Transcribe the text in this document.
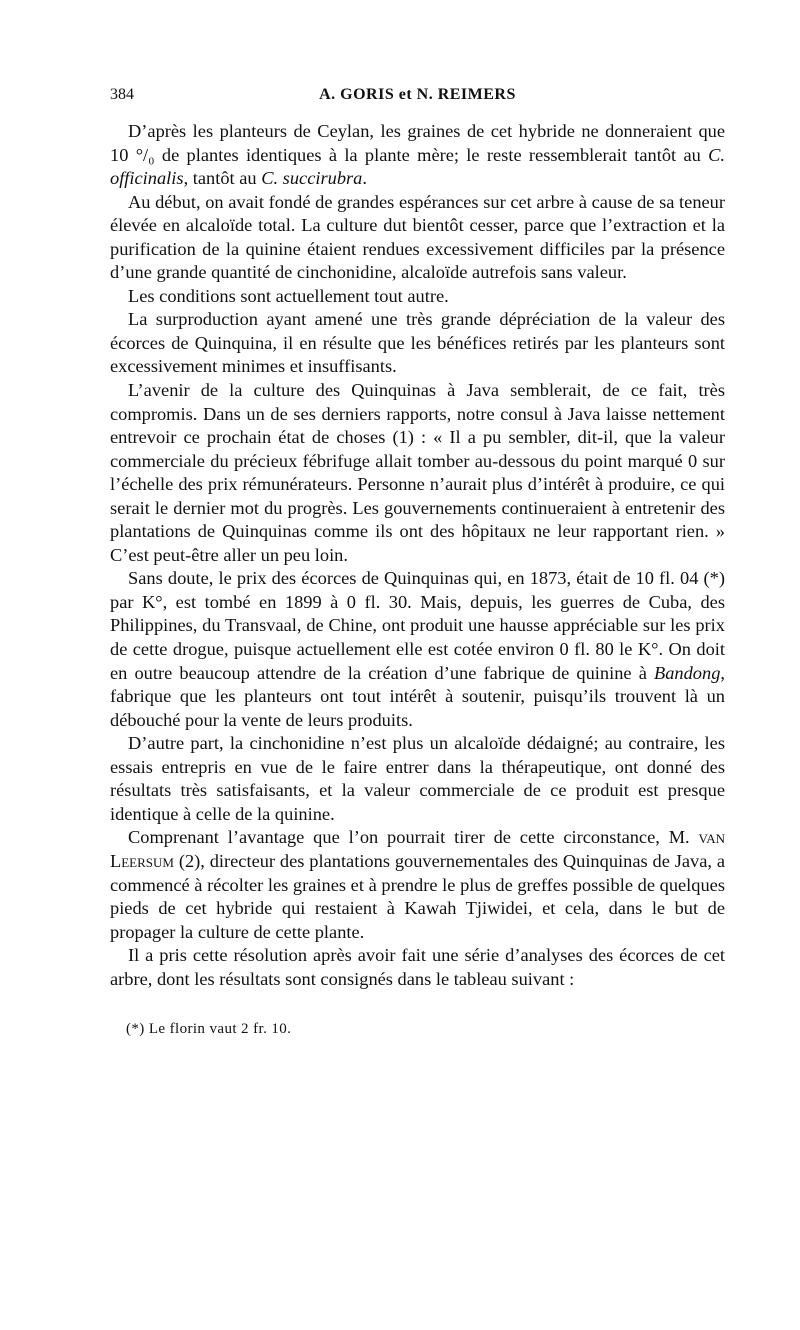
384	A. GORIS et N. REIMERS

D’après les planteurs de Ceylan, les graines de cet hybride ne donneraient que 10 °/₀ de plantes identiques à la plante mère; le reste ressemblerait tantôt au C. officinalis, tantôt au C. succirubra.

Au début, on avait fondé de grandes espérances sur cet arbre à cause de sa teneur élevée en alcaloïde total. La culture dut bientôt cesser, parce que l’extraction et la purification de la quinine étaient rendues excessivement difficiles par la présence d’une grande quantité de cinchonidine, alcaloïde autrefois sans valeur.

Les conditions sont actuellement tout autre.

La surproduction ayant amené une très grande dépréciation de la valeur des écorces de Quinquina, il en résulte que les bénéfices retirés par les planteurs sont excessivement minimes et insuffisants.

L’avenir de la culture des Quinquinas à Java semblerait, de ce fait, très compromis. Dans un de ses derniers rapports, notre consul à Java laisse nettement entrevoir ce prochain état de choses (1) : « Il a pu sembler, dit-il, que la valeur commerciale du précieux fébrifuge allait tomber au-dessous du point marqué 0 sur l’échelle des prix rémunérateurs. Personne n’aurait plus d’intérêt à produire, ce qui serait le dernier mot du progrès. Les gouvernements continueraient à entretenir des plantations de Quinquinas comme ils ont des hôpitaux ne leur rapportant rien. » C’est peut-être aller un peu loin.

Sans doute, le prix des écorces de Quinquinas qui, en 1873, était de 10 fl. 04 (*) par K°, est tombé en 1899 à 0 fl. 30. Mais, depuis, les guerres de Cuba, des Philippines, du Transvaal, de Chine, ont produit une hausse appréciable sur les prix de cette drogue, puisque actuellement elle est cotée environ 0 fl. 80 le K°. On doit en outre beaucoup attendre de la création d’une fabrique de quinine à Bandong, fabrique que les planteurs ont tout intérêt à soutenir, puisqu’ils trouvent là un débouché pour la vente de leurs produits.

D’autre part, la cinchonidine n’est plus un alcaloïde dédaigné; au contraire, les essais entrepris en vue de le faire entrer dans la thérapeutique, ont donné des résultats très satisfaisants, et la valeur commerciale de ce produit est presque identique à celle de la quinine.

Comprenant l’avantage que l’on pourrait tirer de cette circonstance, M. van Leersum (2), directeur des plantations gouvernementales des Quinquinas de Java, a commencé à récolter les graines et à prendre le plus de greffes possible de quelques pieds de cet hybride qui restaient à Kawah Tjiwidei, et cela, dans le but de propager la culture de cette plante.

Il a pris cette résolution après avoir fait une série d’analyses des écorces de cet arbre, dont les résultats sont consignés dans le tableau suivant :

(*) Le florin vaut 2 fr. 10.
